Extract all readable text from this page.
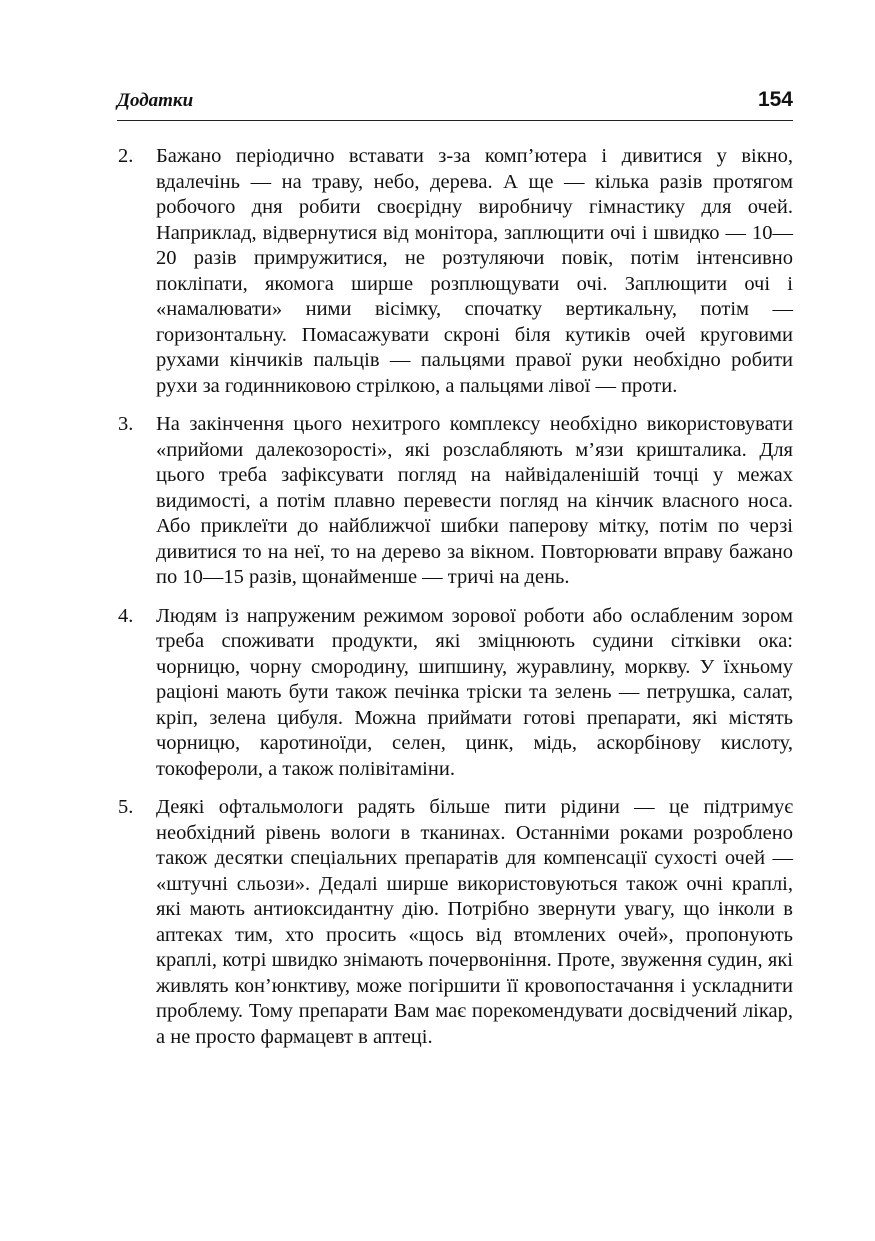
Додатки	154
2. Бажано періодично вставати з-за комп’ютера і дивитися у вікно, вдалечінь — на траву, небо, дерева. А ще — кілька разів протягом робочого дня робити своєрідну виробничу гімнастику для очей. Наприклад, відвернутися від монітора, заплющити очі і швидко — 10—20 разів примружитися, не розтуляючи повік, потім інтенсивно покліпати, якомога ширше розплющувати очі. Заплющити очі і «намалювати» ними вісімку, спочатку вертикальну, потім — горизонтальну. Помасажувати скроні біля кутиків очей круговими рухами кінчиків пальців — пальцями правої руки необхідно робити рухи за годинниковою стрілкою, а пальцями лівої — проти.
3. На закінчення цього нехитрого комплексу необхідно використовувати «прийоми далекозорості», які розслабляють м’язи кришталика. Для цього треба зафіксувати погляд на найвідаленішій точці у межах видимості, а потім плавно перевести погляд на кінчик власного носа. Або приклеїти до найближчої шибки паперову мітку, потім по черзі дивитися то на неї, то на дерево за вікном. Повторювати вправу бажано по 10—15 разів, щонайменше — тричі на день.
4. Людям із напруженим режимом зорової роботи або ослабленим зором треба споживати продукти, які зміцнюють судини сітківки ока: чорницю, чорну смородину, шипшину, журавлину, моркву. У їхньому раціоні мають бути також печінка тріски та зелень — петрушка, салат, кріп, зелена цибуля. Можна приймати готові препарати, які містять чорницю, каротиноїди, селен, цинк, мідь, аскорбінову кислоту, токофероли, а також полівітаміни.
5. Деякі офтальмологи радять більше пити рідини — це підтримує необхідний рівень вологи в тканинах. Останніми роками розроблено також десятки спеціальних препаратів для компенсації сухості очей — «штучні сльози». Дедалі ширше використовуються також очні краплі, які мають антиоксидантну дію. Потрібно звернути увагу, що інколи в аптеках тим, хто просить «щось від втомлених очей», пропонують краплі, котрі швидко знімають почервоніння. Проте, звуження судин, які живлять кон’юнктиву, може погіршити її кровопостачання і ускладнити проблему. Тому препарати Вам має порекомендувати досвідчений лікар, а не просто фармацевт в аптеці.
